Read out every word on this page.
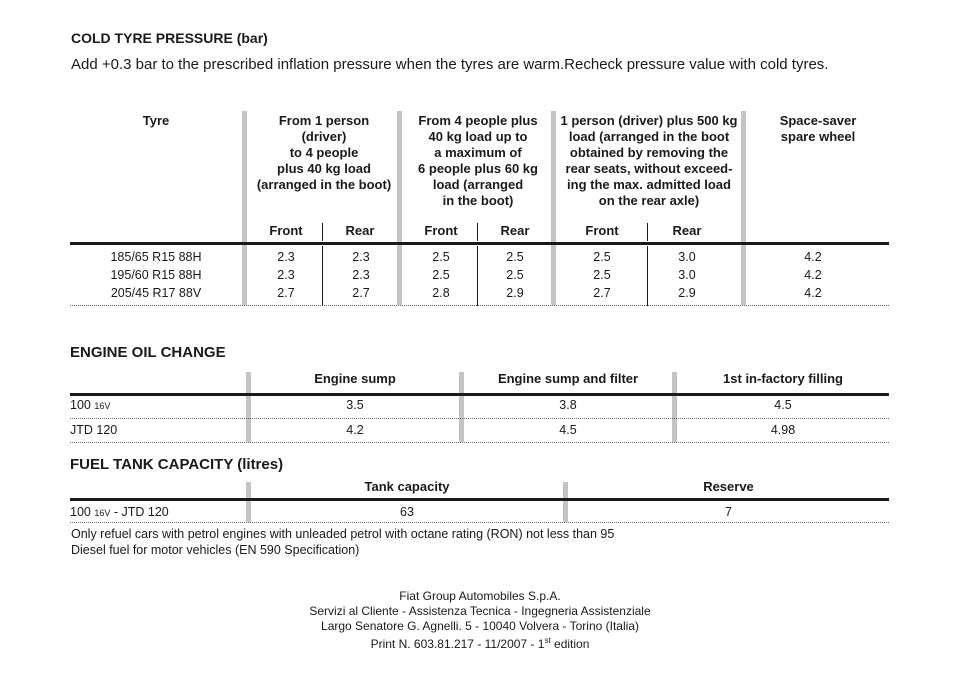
COLD TYRE PRESSURE (bar)
Add +0.3 bar to the prescribed inflation pressure when the tyres are warm.Recheck pressure value with cold tyres.
Tyre	From 1 person
(driver)
to 4 people
plus 40 kg load
(arranged in the boot)
From 4 people plus
40 kg load up to
a maximum of
6 people plus 60 kg
load (arranged
in the boot)
1 person (driver) plus 500 kg
load (arranged in the boot
obtained by removing the
rear seats, without exceed-
ing the max. admitted load
on the rear axle)
Space-saver
spare wheel
Front	Rear	Front	Rear	Front	Rear
185/65 R15 88H	2.3	2.3	2.5	2.5	2.5	3.0	4.2
195/60 R15 88H	2.3	2.3	2.5	2.5	2.5	3.0	4.2
205/45 R17 88V	2.7	2.7	2.8	2.9	2.7	2.9	4.2
ENGINE OIL CHANGE
Engine sump	Engine sump and filter	1st in-factory filling
100 16V	3.5	3.8	4.5
JTD 120	4.2	4.5	4.98
FUEL TANK CAPACITY (litres)
Tank capacity	Reserve
100 16V - JTD 120	63	7
Only refuel cars with petrol engines with unleaded petrol with octane rating (RON) not less than 95
Diesel fuel for motor vehicles (EN 590 Specification)
Fiat Group Automobiles S.p.A.
Servizi al Cliente - Assistenza Tecnica - Ingegneria Assistenziale
Largo Senatore G. Agnelli. 5 - 10040 Volvera - Torino (Italia)
Print N. 603.81.217 - 11/2007 - 1st edition
